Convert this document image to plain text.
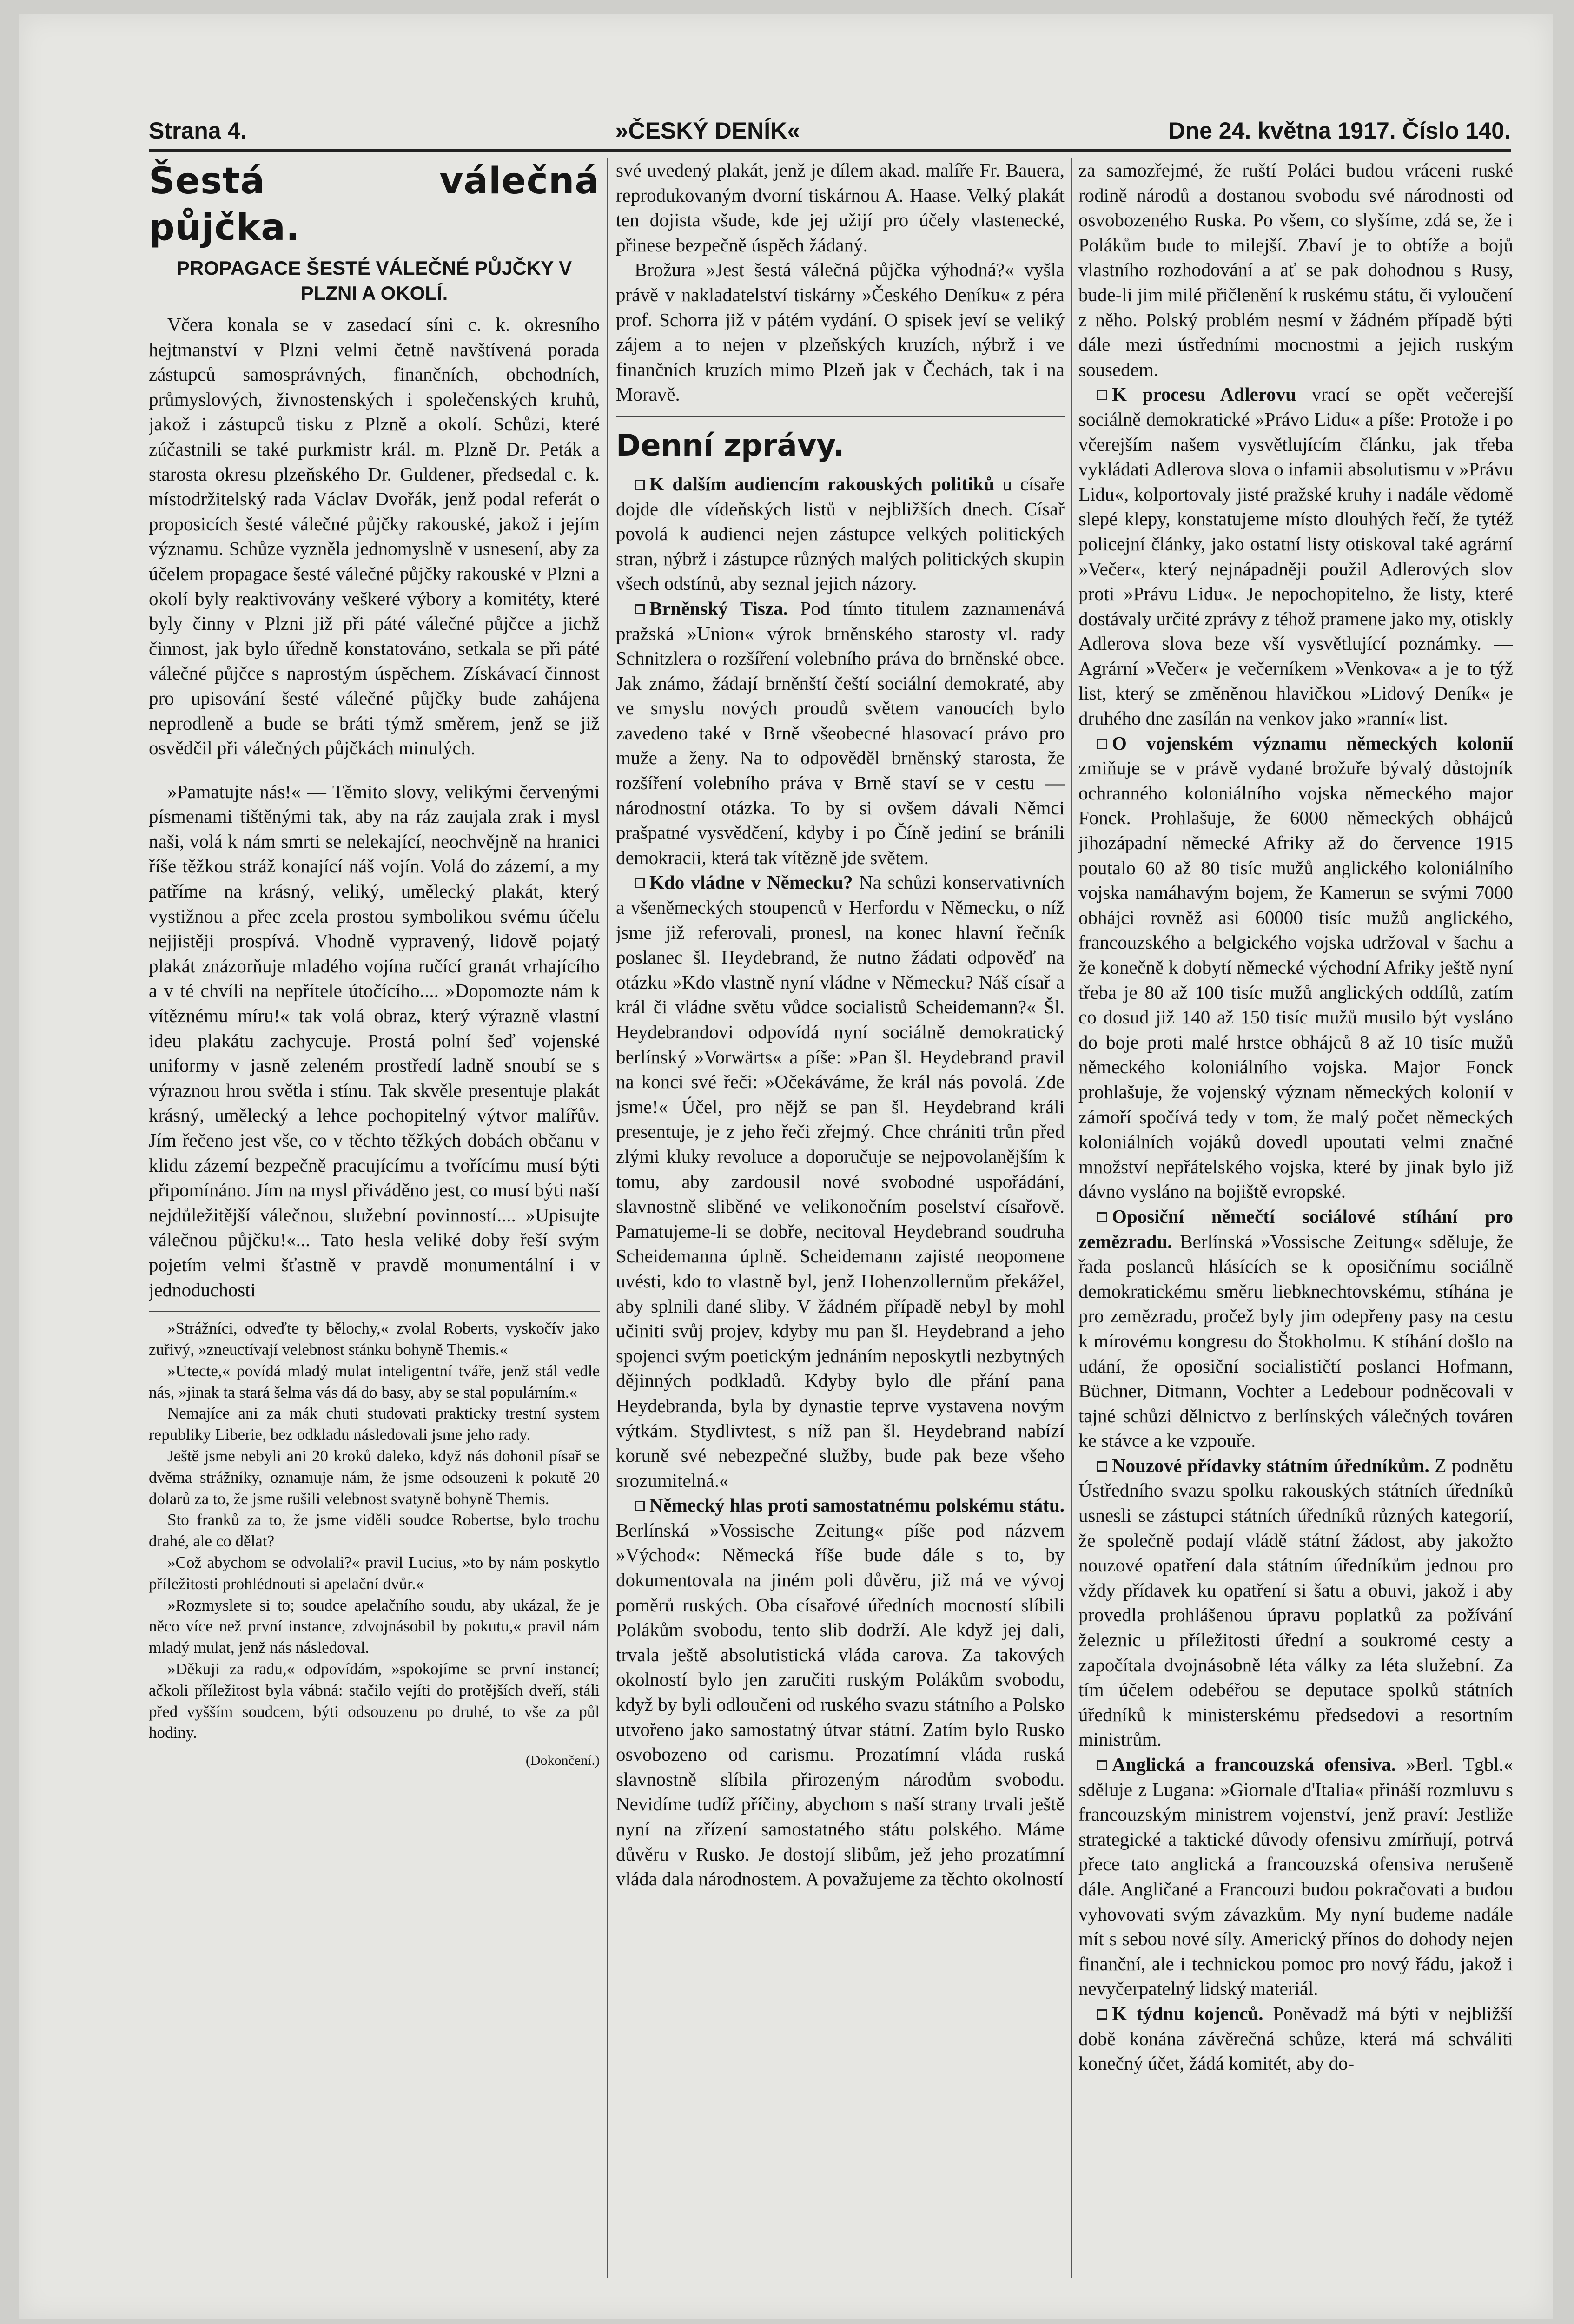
Strana 4.	»ČESKÝ DENÍK«	Dne 24. května 1917. Číslo 140.

Šestá válečná půjčka.

PROPAGACE ŠESTÉ VÁLEČNÉ PŮJČKY V PLZNI A OKOLÍ.

Včera konala se v zasedací síni c. k. okresního hejtmanství v Plzni velmi četně navštívená porada zástupců samosprávných, finančních, obchodních, průmyslových, živnostenských i společenských kruhů, jakož i zástupců tisku z Plzně a okolí. Schůzi, které zúčastnili se také purkmistr král. m. Plzně Dr. Peták a starosta okresu plzeňského Dr. Guldener, předsedal c. k. místodržitelský rada Václav Dvořák, jenž podal referát o proposicích šesté válečné půjčky rakouské, jakož i jejím významu. Schůze vyzněla jednomyslně v usnesení, aby za účelem propagace šesté válečné půjčky rakouské v Plzni a okolí byly reaktivovány veškeré výbory a komitéty, které byly činny v Plzni již při páté válečné půjčce a jichž činnost, jak bylo úředně konstatováno, setkala se při páté válečné půjčce s naprostým úspěchem. Získávací činnost pro upisování šesté válečné půjčky bude zahájena neprodleně a bude se bráti týmž směrem, jenž se již osvědčil při válečných půjčkách minulých.

»Pamatujte nás!« — Těmito slovy, velikými červenými písmenami tištěnými tak, aby na ráz zaujala zrak i mysl naši, volá k nám smrti se nelekající, neochvějně na hranici říše těžkou stráž konající náš vojín. Volá do zázemí, a my patříme na krásný, veliký, umělecký plakát, který vystižnou a přec zcela prostou symbolikou svému účelu nejjistěji prospívá. Vhodně vypravený, lidově pojatý plakát znázorňuje mladého vojína ručící granát vrhajícího a v té chvíli na nepřítele útočícího.... »Dopomozte nám k vítěznému míru!« tak volá obraz, který výrazně vlastní ideu plakátu zachycuje. Prostá polní šeď vojenské uniformy v jasně zeleném prostředí ladně snoubí se s výraznou hrou světla i stínu. Tak skvěle presentuje plakát krásný, umělecký a lehce pochopitelný výtvor malířův. Jím řečeno jest vše, co v těchto těžkých dobách občanu v klidu zázemí bezpečně pracujícímu a tvořícímu musí býti připomínáno. Jím na mysl přiváděno jest, co musí býti naší nejdůležitější válečnou, služební povinností.... »Upisujte válečnou půjčku!«... Tato hesla veliké doby řeší svým pojetím velmi šťastně v pravdě monumentální i v jednoduchosti

»Strážníci, odveďte ty bělochy,« zvolal Roberts, vyskočív jako zuřivý, »zneuctívají velebnost stánku bohyně Themis.«

»Utecte,« povídá mladý mulat inteligentní tváře, jenž stál vedle nás, »jinak ta stará šelma vás dá do basy, aby se stal populárním.«

Nemajíce ani za mák chuti studovati prakticky trestní system republiky Liberie, bez odkladu následovali jsme jeho rady.

Ještě jsme nebyli ani 20 kroků daleko, když nás dohonil písař se dvěma strážníky, oznamuje nám, že jsme odsouzeni k pokutě 20 dolarů za to, že jsme rušili velebnost svatyně bohyně Themis.

Sto franků za to, že jsme viděli soudce Robertse, bylo trochu drahé, ale co dělat?

»Což abychom se odvolali?« pravil Lucius, »to by nám poskytlo příležitosti prohlédnouti si apelační dvůr.«

»Rozmyslete si to; soudce apelačního soudu, aby ukázal, že je něco více než první instance, zdvojnásobil by pokutu,« pravil nám mladý mulat, jenž nás následoval.

»Děkuji za radu,« odpovídám, »spokojíme se první instancí; ačkoli příležitost byla vábná: stačilo vejíti do protějších dveří, stáli před vyšším soudcem, býti odsouzenu po druhé, to vše za půl hodiny.

(Dokončení.)

své uvedený plakát, jenž je dílem akad. malíře Fr. Bauera, reprodukovaným dvorní tiskárnou A. Haase. Velký plakát ten dojista všude, kde jej užijí pro účely vlastenecké, přinese bezpečně úspěch žádaný.

Brožura »Jest šestá válečná půjčka výhodná?« vyšla právě v nakladatelství tiskárny »Českého Deníku« z péra prof. Schorra již v pátém vydání. O spisek jeví se veliký zájem a to nejen v plzeňských kruzích, nýbrž i ve finančních kruzích mimo Plzeň jak v Čechách, tak i na Moravě.

Denní zprávy.

K dalším audiencím rakouských politiků u císaře dojde dle vídeňských listů v nejbližších dnech. Císař povolá k audienci nejen zástupce velkých politických stran, nýbrž i zástupce různých malých politických skupin všech odstínů, aby seznal jejich názory.

Brněnský Tisza. Pod tímto titulem zaznamenává pražská »Union« výrok brněnského starosty vl. rady Schnitzlera o rozšíření volebního práva do brněnské obce. Jak známo, žádají brněnští čeští sociální demokraté, aby ve smyslu nových proudů světem vanoucích bylo zavedeno také v Brně všeobecné hlasovací právo pro muže a ženy. Na to odpověděl brněnský starosta, že rozšíření volebního práva v Brně staví se v cestu — národnostní otázka. To by si ovšem dávali Němci prašpatné vysvědčení, kdyby i po Číně jediní se bránili demokracii, která tak vítězně jde světem.

Kdo vládne v Německu? Na schůzi konservativních a všeněmeckých stoupenců v Herfordu v Německu, o níž jsme již referovali, pronesl, na konec hlavní řečník poslanec šl. Heydebrand, že nutno žádati odpověď na otázku »Kdo vlastně nyní vládne v Německu? Náš císař a král či vládne světu vůdce socialistů Scheidemann?« Šl. Heydebrandovi odpovídá nyní sociálně demokratický berlínský »Vorwärts« a píše: »Pan šl. Heydebrand pravil na konci své řeči: »Očekáváme, že král nás povolá. Zde jsme!« Účel, pro nějž se pan šl. Heydebrand králi presentuje, je z jeho řeči zřejmý. Chce chrániti trůn před zlými kluky revoluce a doporučuje se nejpovolanějším k tomu, aby zardousil nové svobodné uspořádání, slavnostně sliběné ve velikonočním poselství císařově. Pamatujeme-li se dobře, necitoval Heydebrand soudruha Scheidemanna úplně. Scheidemann zajisté neopomene uvésti, kdo to vlastně byl, jenž Hohenzollernům překážel, aby splnili dané sliby. V žádném případě nebyl by mohl učiniti svůj projev, kdyby mu pan šl. Heydebrand a jeho spojenci svým poetickým jednáním neposkytli nezbytných dějinných podkladů. Kdyby bylo dle přání pana Heydebranda, byla by dynastie teprve vystavena novým výtkám. Stydlivtest, s níž pan šl. Heydebrand nabízí koruně své nebezpečné služby, bude pak beze všeho srozumitelná.«

Německý hlas proti samostatnému polskému státu. Berlínská »Vossische Zeitung« píše pod názvem »Východ«: Německá říše bude dále s to, by dokumentovala na jiném poli důvěru, již má ve vývoj poměrů ruských. Oba císařové úředních mocností slíbili Polákům svobodu, tento slib dodrží. Ale když jej dali, trvala ještě absolutistická vláda carova. Za takových okolností bylo jen zaručiti ruským Polákům svobodu, když by byli odloučeni od ruského svazu státního a Polsko utvořeno jako samostatný útvar státní. Zatím bylo Rusko osvobozeno od carismu. Prozatímní vláda ruská slavnostně slíbila přirozeným národům svobodu. Nevidíme tudíž příčiny, abychom s naší strany trvali ještě nyní na zřízení samostatného státu polského. Máme důvěru v Rusko. Je dostojí slibům, jež jeho prozatímní vláda dala národnostem. A považujeme za těchto okolností

za samozřejmé, že ruští Poláci budou vráceni ruské rodině národů a dostanou svobodu své národnosti od osvobozeného Ruska. Po všem, co slyšíme, zdá se, že i Polákům bude to milejší. Zbaví je to obtíže a bojů vlastního rozhodování a ať se pak dohodnou s Rusy, bude-li jim milé přičlenění k ruskému státu, či vyloučení z něho. Polský problém nesmí v žádném případě býti dále mezi ústředními mocnostmi a jejich ruským sousedem.

K procesu Adlerovu vrací se opět večerejší sociálně demokratické »Právo Lidu« a píše: Protože i po včerejším našem vysvětlujícím článku, jak třeba vykládati Adlerova slova o infamii absolutismu v »Právu Lidu«, kolportovaly jisté pražské kruhy i nadále vědomě slepé klepy, konstatujeme místo dlouhých řečí, že tytéž policejní články, jako ostatní listy otiskoval také agrární »Večer«, který nejnápadněji použil Adlerových slov proti »Právu Lidu«. Je nepochopitelno, že listy, které dostávaly určité zprávy z téhož pramene jako my, otiskly Adlerova slova beze vší vysvětlující poznámky. — Agrární »Večer« je večerníkem »Venkova« a je to týž list, který se změněnou hlavičkou »Lidový Deník« je druhého dne zasílán na venkov jako »ranní« list.

O vojenském významu německých kolonií zmiňuje se v právě vydané brožuře bývalý důstojník ochranného koloniálního vojska německého major Fonck. Prohlašuje, že 6000 německých obhájců jihozápadní německé Afriky až do července 1915 poutalo 60 až 80 tisíc mužů anglického koloniálního vojska namáhavým bojem, že Kamerun se svými 7000 obhájci rovněž asi 60000 tisíc mužů anglického, francouzského a belgického vojska udržoval v šachu a že konečně k dobytí německé východní Afriky ještě nyní třeba je 80 až 100 tisíc mužů anglických oddílů, zatím co dosud již 140 až 150 tisíc mužů musilo být vysláno do boje proti malé hrstce obhájců 8 až 10 tisíc mužů německého koloniálního vojska. Major Fonck prohlašuje, že vojenský význam německých kolonií v zámoří spočívá tedy v tom, že malý počet německých koloniálních vojáků dovedl upoutati velmi značné množství nepřátelského vojska, které by jinak bylo již dávno vysláno na bojiště evropské.

Oposiční němečtí sociálové stíhání pro zemězradu. Berlínská »Vossische Zeitung« sděluje, že řada poslanců hlásících se k oposičnímu sociálně demokratickému směru liebknechtovskému, stíhána je pro zemězradu, pročež byly jim odepřeny pasy na cestu k mírovému kongresu do Štokholmu. K stíhání došlo na udání, že oposiční socialističtí poslanci Hofmann, Büchner, Ditmann, Vochter a Ledebour podněcovali v tajné schůzi dělnictvo z berlínských válečných továren ke stávce a ke vzpouře.

Nouzové přídavky státním úředníkům. Z podnětu Ústředního svazu spolku rakouských státních úředníků usnesli se zástupci státních úředníků různých kategorií, že společně podají vládě státní žádost, aby jakožto nouzové opatření dala státním úředníkům jednou pro vždy přídavek ku opatření si šatu a obuvi, jakož i aby provedla prohlášenou úpravu poplatků za požívání železnic u příležitosti úřední a soukromé cesty a započítala dvojnásobně léta války za léta služební. Za tím účelem odebéřou se deputace spolků státních úředníků k ministerskému předsedovi a resortním ministrům.

Anglická a francouzská ofensiva. »Berl. Tgbl.« sděluje z Lugana: »Giornale d'Italia« přináší rozmluvu s francouzským ministrem vojenství, jenž praví: Jestliže strategické a taktické důvody ofensivu zmírňují, potrvá přece tato anglická a francouzská ofensiva nerušeně dále. Angličané a Francouzi budou pokračovati a budou vyhovovati svým závazkům. My nyní budeme nadále mít s sebou nové síly. Americký přínos do dohody nejen finanční, ale i technickou pomoc pro nový řádu, jakož i nevyčerpatelný lidský materiál.

K týdnu kojenců. Poněvadž má býti v nejbližší době konána závěrečná schůze, která má schváliti konečný účet, žádá komitét, aby do-
